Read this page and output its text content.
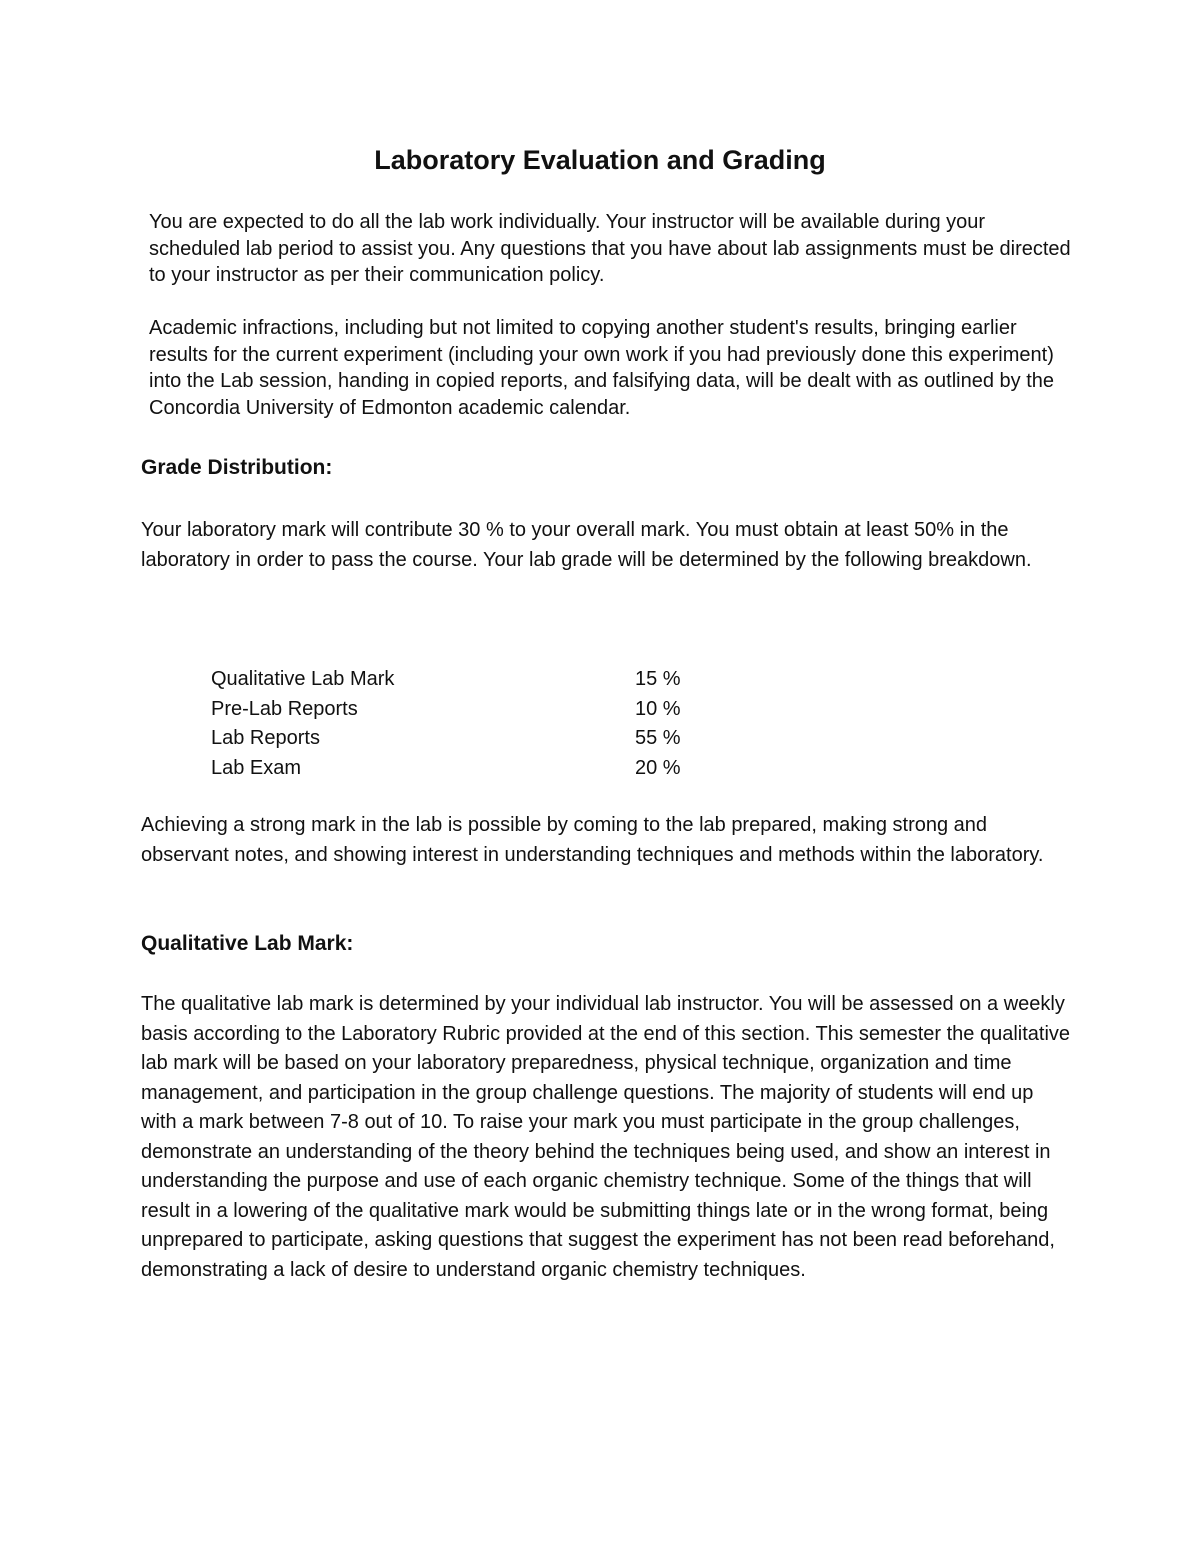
Laboratory Evaluation and Grading

You are expected to do all the lab work individually. Your instructor will be available during your scheduled lab period to assist you. Any questions that you have about lab assignments must be directed to your instructor as per their communication policy.

Academic infractions, including but not limited to copying another student's results, bringing earlier results for the current experiment (including your own work if you had previously done this experiment) into the Lab session, handing in copied reports, and falsifying data, will be dealt with as outlined by the Concordia University of Edmonton academic calendar.

Grade Distribution:

Your laboratory mark will contribute 30 % to your overall mark. You must obtain at least 50% in the laboratory in order to pass the course. Your lab grade will be determined by the following breakdown.

Qualitative Lab Mark	15 %
Pre-Lab Reports	10 %
Lab Reports	55 %
Lab Exam	20 %

Achieving a strong mark in the lab is possible by coming to the lab prepared, making strong and observant notes, and showing interest in understanding techniques and methods within the laboratory.

Qualitative Lab Mark:

The qualitative lab mark is determined by your individual lab instructor. You will be assessed on a weekly basis according to the Laboratory Rubric provided at the end of this section. This semester the qualitative lab mark will be based on your laboratory preparedness, physical technique, organization and time management, and participation in the group challenge questions. The majority of students will end up with a mark between 7-8 out of 10. To raise your mark you must participate in the group challenges, demonstrate an understanding of the theory behind the techniques being used, and show an interest in understanding the purpose and use of each organic chemistry technique. Some of the things that will result in a lowering of the qualitative mark would be submitting things late or in the wrong format, being unprepared to participate, asking questions that suggest the experiment has not been read beforehand, demonstrating a lack of desire to understand organic chemistry techniques.
